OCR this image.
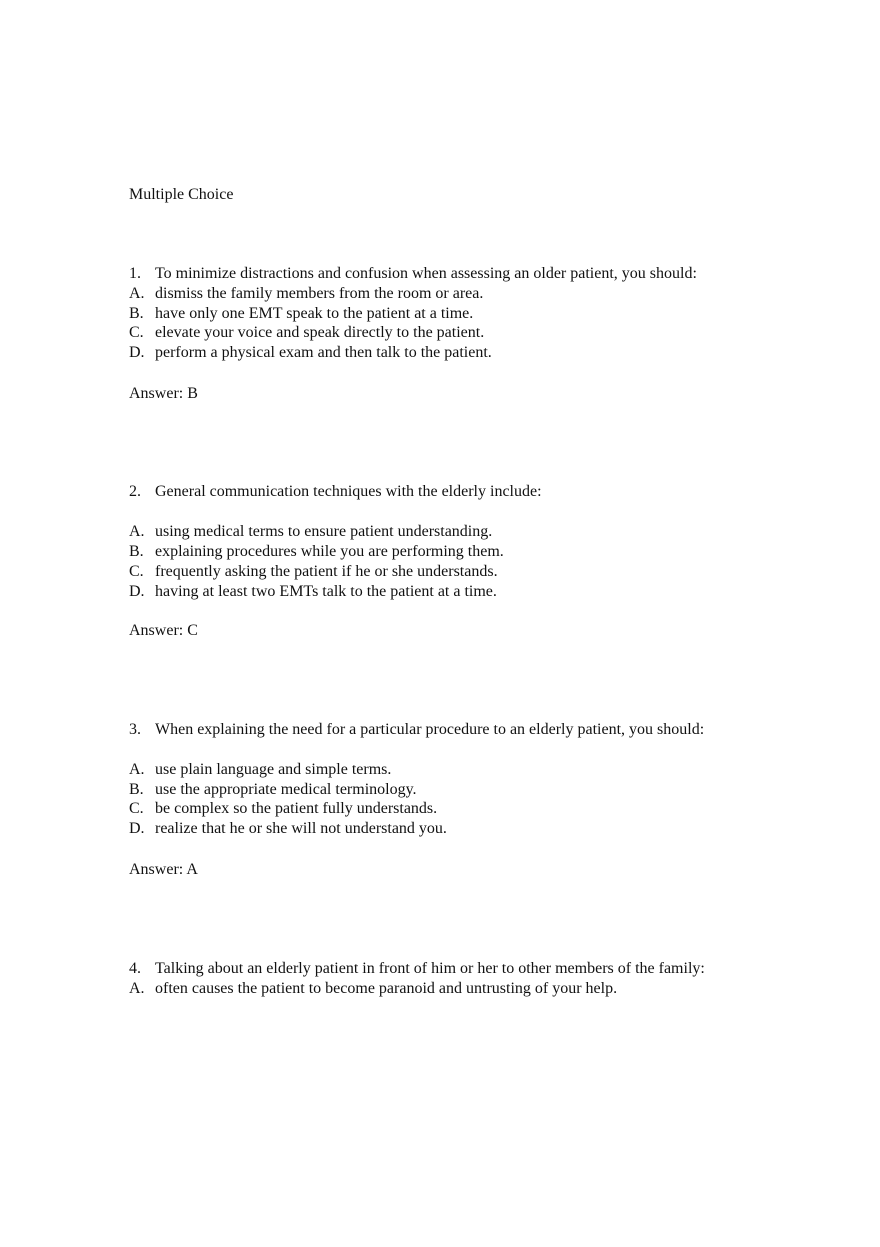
Multiple Choice
1. To minimize distractions and confusion when assessing an older patient, you should:
A. dismiss the family members from the room or area.
B. have only one EMT speak to the patient at a time.
C. elevate your voice and speak directly to the patient.
D. perform a physical exam and then talk to the patient.
Answer: B
2. General communication techniques with the elderly include:
A. using medical terms to ensure patient understanding.
B. explaining procedures while you are performing them.
C. frequently asking the patient if he or she understands.
D. having at least two EMTs talk to the patient at a time.
Answer: C
3. When explaining the need for a particular procedure to an elderly patient, you should:
A. use plain language and simple terms.
B. use the appropriate medical terminology.
C. be complex so the patient fully understands.
D. realize that he or she will not understand you.
Answer: A
4. Talking about an elderly patient in front of him or her to other members of the family:
A. often causes the patient to become paranoid and untrusting of your help.
